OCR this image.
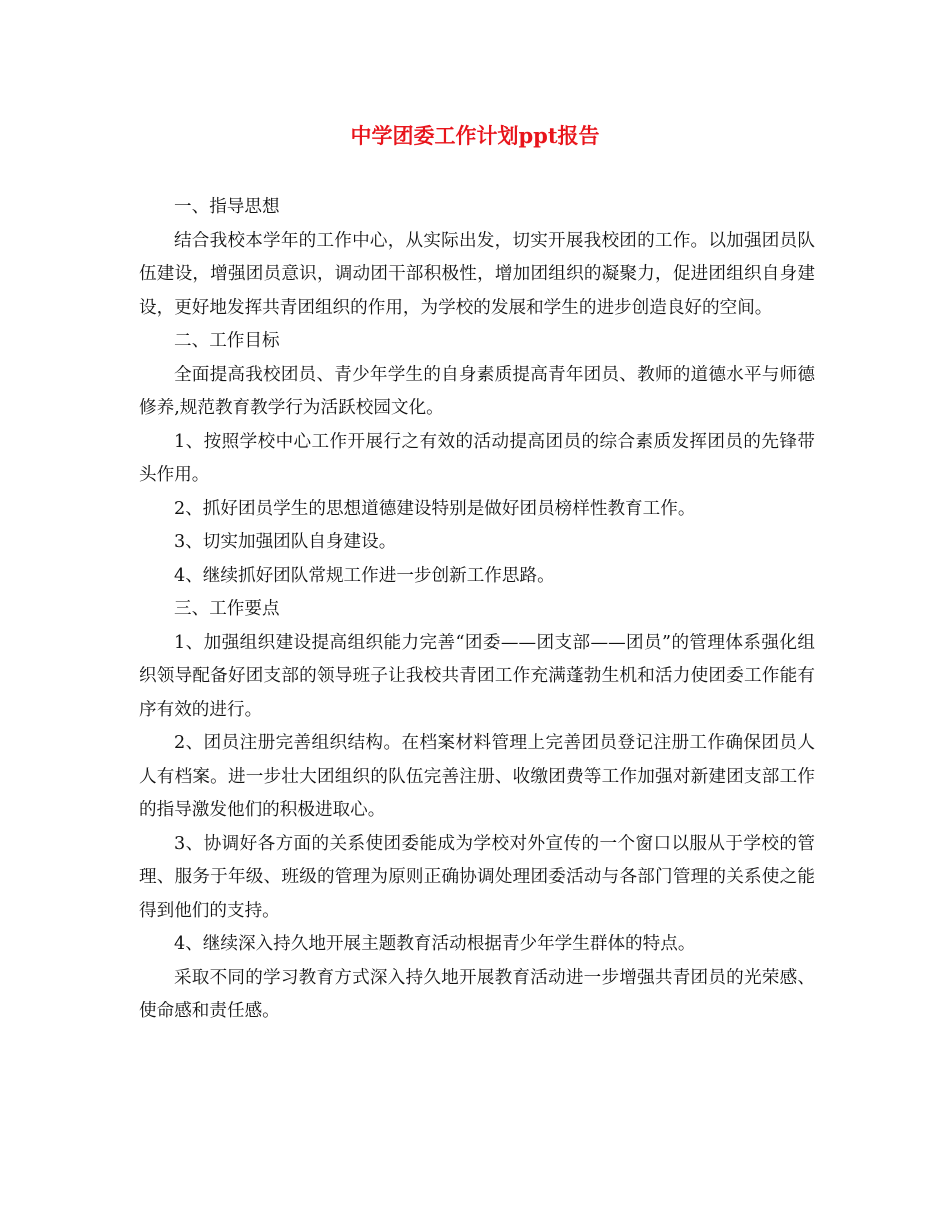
中学团委工作计划ppt报告

一、指导思想

结合我校本学年的工作中心，从实际出发，切实开展我校团的工作。以加强团员队伍建设，增强团员意识，调动团干部积极性，增加团组织的凝聚力，促进团组织自身建设，更好地发挥共青团组织的作用，为学校的发展和学生的进步创造良好的空间。

二、工作目标

全面提高我校团员、青少年学生的自身素质提高青年团员、教师的道德水平与师德修养,规范教育教学行为活跃校园文化。

1、按照学校中心工作开展行之有效的活动提高团员的综合素质发挥团员的先锋带头作用。

2、抓好团员学生的思想道德建设特别是做好团员榜样性教育工作。

3、切实加强团队自身建设。

4、继续抓好团队常规工作进一步创新工作思路。

三、工作要点

1、加强组织建设提高组织能力完善“团委——团支部——团员”的管理体系强化组织领导配备好团支部的领导班子让我校共青团工作充满蓬勃生机和活力使团委工作能有序有效的进行。

2、团员注册完善组织结构。在档案材料管理上完善团员登记注册工作确保团员人人有档案。进一步壮大团组织的队伍完善注册、收缴团费等工作加强对新建团支部工作的指导激发他们的积极进取心。

3、协调好各方面的关系使团委能成为学校对外宣传的一个窗口以服从于学校的管理、服务于年级、班级的管理为原则正确协调处理团委活动与各部门管理的关系使之能得到他们的支持。

4、继续深入持久地开展主题教育活动根据青少年学生群体的特点。

采取不同的学习教育方式深入持久地开展教育活动进一步增强共青团员的光荣感、使命感和责任感。
